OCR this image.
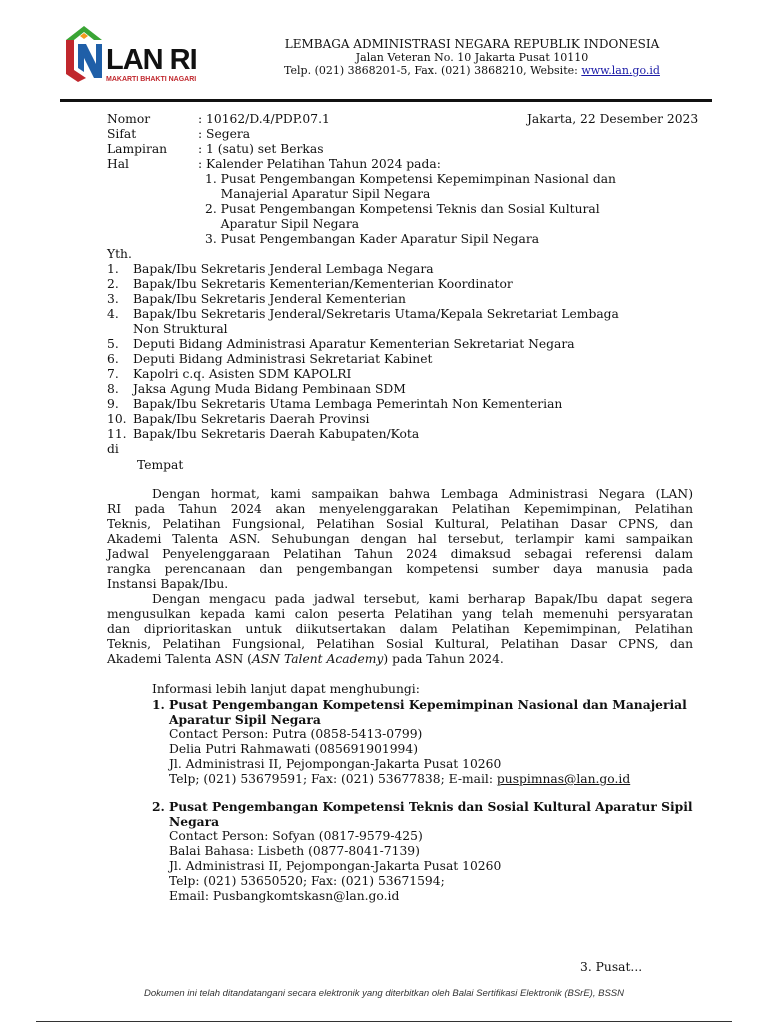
LAN RI
MAKARTI BHAKTI NAGARI
LEMBAGA ADMINISTRASI NEGARA REPUBLIK INDONESIA
Jalan Veteran No. 10 Jakarta Pusat 10110
Telp. (021) 3868201-5, Fax. (021) 3868210, Website: www.lan.go.id
Nomor	: 10162/D.4/PDP.07.1	Jakarta, 22 Desember 2023
Sifat	: Segera
Lampiran	: 1 (satu) set Berkas
Hal	: Kalender Pelatihan Tahun 2024 pada:
1. Pusat Pengembangan Kompetensi Kepemimpinan Nasional dan
Manajerial Aparatur Sipil Negara
2. Pusat Pengembangan Kompetensi Teknis dan Sosial Kultural
Aparatur Sipil Negara
3. Pusat Pengembangan Kader Aparatur Sipil Negara
Yth.
1. Bapak/Ibu Sekretaris Jenderal Lembaga Negara
2. Bapak/Ibu Sekretaris Kementerian/Kementerian Koordinator
3. Bapak/Ibu Sekretaris Jenderal Kementerian
4. Bapak/Ibu Sekretaris Jenderal/Sekretaris Utama/Kepala Sekretariat Lembaga
Non Struktural
5. Deputi Bidang Administrasi Aparatur Kementerian Sekretariat Negara
6. Deputi Bidang Administrasi Sekretariat Kabinet
7. Kapolri c.q. Asisten SDM KAPOLRI
8. Jaksa Agung Muda Bidang Pembinaan SDM
9. Bapak/Ibu Sekretaris Utama Lembaga Pemerintah Non Kementerian
10. Bapak/Ibu Sekretaris Daerah Provinsi
11. Bapak/Ibu Sekretaris Daerah Kabupaten/Kota
di
Tempat
Dengan hormat, kami sampaikan bahwa Lembaga Administrasi Negara (LAN)
RI pada Tahun 2024 akan menyelenggarakan Pelatihan Kepemimpinan, Pelatihan
Teknis, Pelatihan Fungsional, Pelatihan Sosial Kultural, Pelatihan Dasar CPNS, dan
Akademi Talenta ASN. Sehubungan dengan hal tersebut, terlampir kami sampaikan
Jadwal Penyelenggaraan Pelatihan Tahun 2024 dimaksud sebagai referensi dalam
rangka perencanaan dan pengembangan kompetensi sumber daya manusia pada
Instansi Bapak/Ibu.
Dengan mengacu pada jadwal tersebut, kami berharap Bapak/Ibu dapat segera
mengusulkan kepada kami calon peserta Pelatihan yang telah memenuhi persyaratan
dan diprioritaskan untuk diikutsertakan dalam Pelatihan Kepemimpinan, Pelatihan
Teknis, Pelatihan Fungsional, Pelatihan Sosial Kultural, Pelatihan Dasar CPNS, dan
Akademi Talenta ASN (ASN Talent Academy) pada Tahun 2024.
Informasi lebih lanjut dapat menghubungi:
1. Pusat Pengembangan Kompetensi Kepemimpinan Nasional dan Manajerial
Aparatur Sipil Negara
Contact Person: Putra (0858-5413-0799)
Delia Putri Rahmawati (085691901994)
Jl. Administrasi II, Pejompongan-Jakarta Pusat 10260
Telp; (021) 53679591; Fax: (021) 53677838; E-mail: puspimnas@lan.go.id
2. Pusat Pengembangan Kompetensi Teknis dan Sosial Kultural Aparatur Sipil
Negara
Contact Person: Sofyan (0817-9579-425)
Balai Bahasa: Lisbeth (0877-8041-7139)
Jl. Administrasi II, Pejompongan-Jakarta Pusat 10260
Telp: (021) 53650520; Fax: (021) 53671594;
Email: Pusbangkomtskasn@lan.go.id
3. Pusat...
Dokumen ini telah ditandatangani secara elektronik yang diterbitkan oleh Balai Sertifikasi Elektronik (BSrE), BSSN
